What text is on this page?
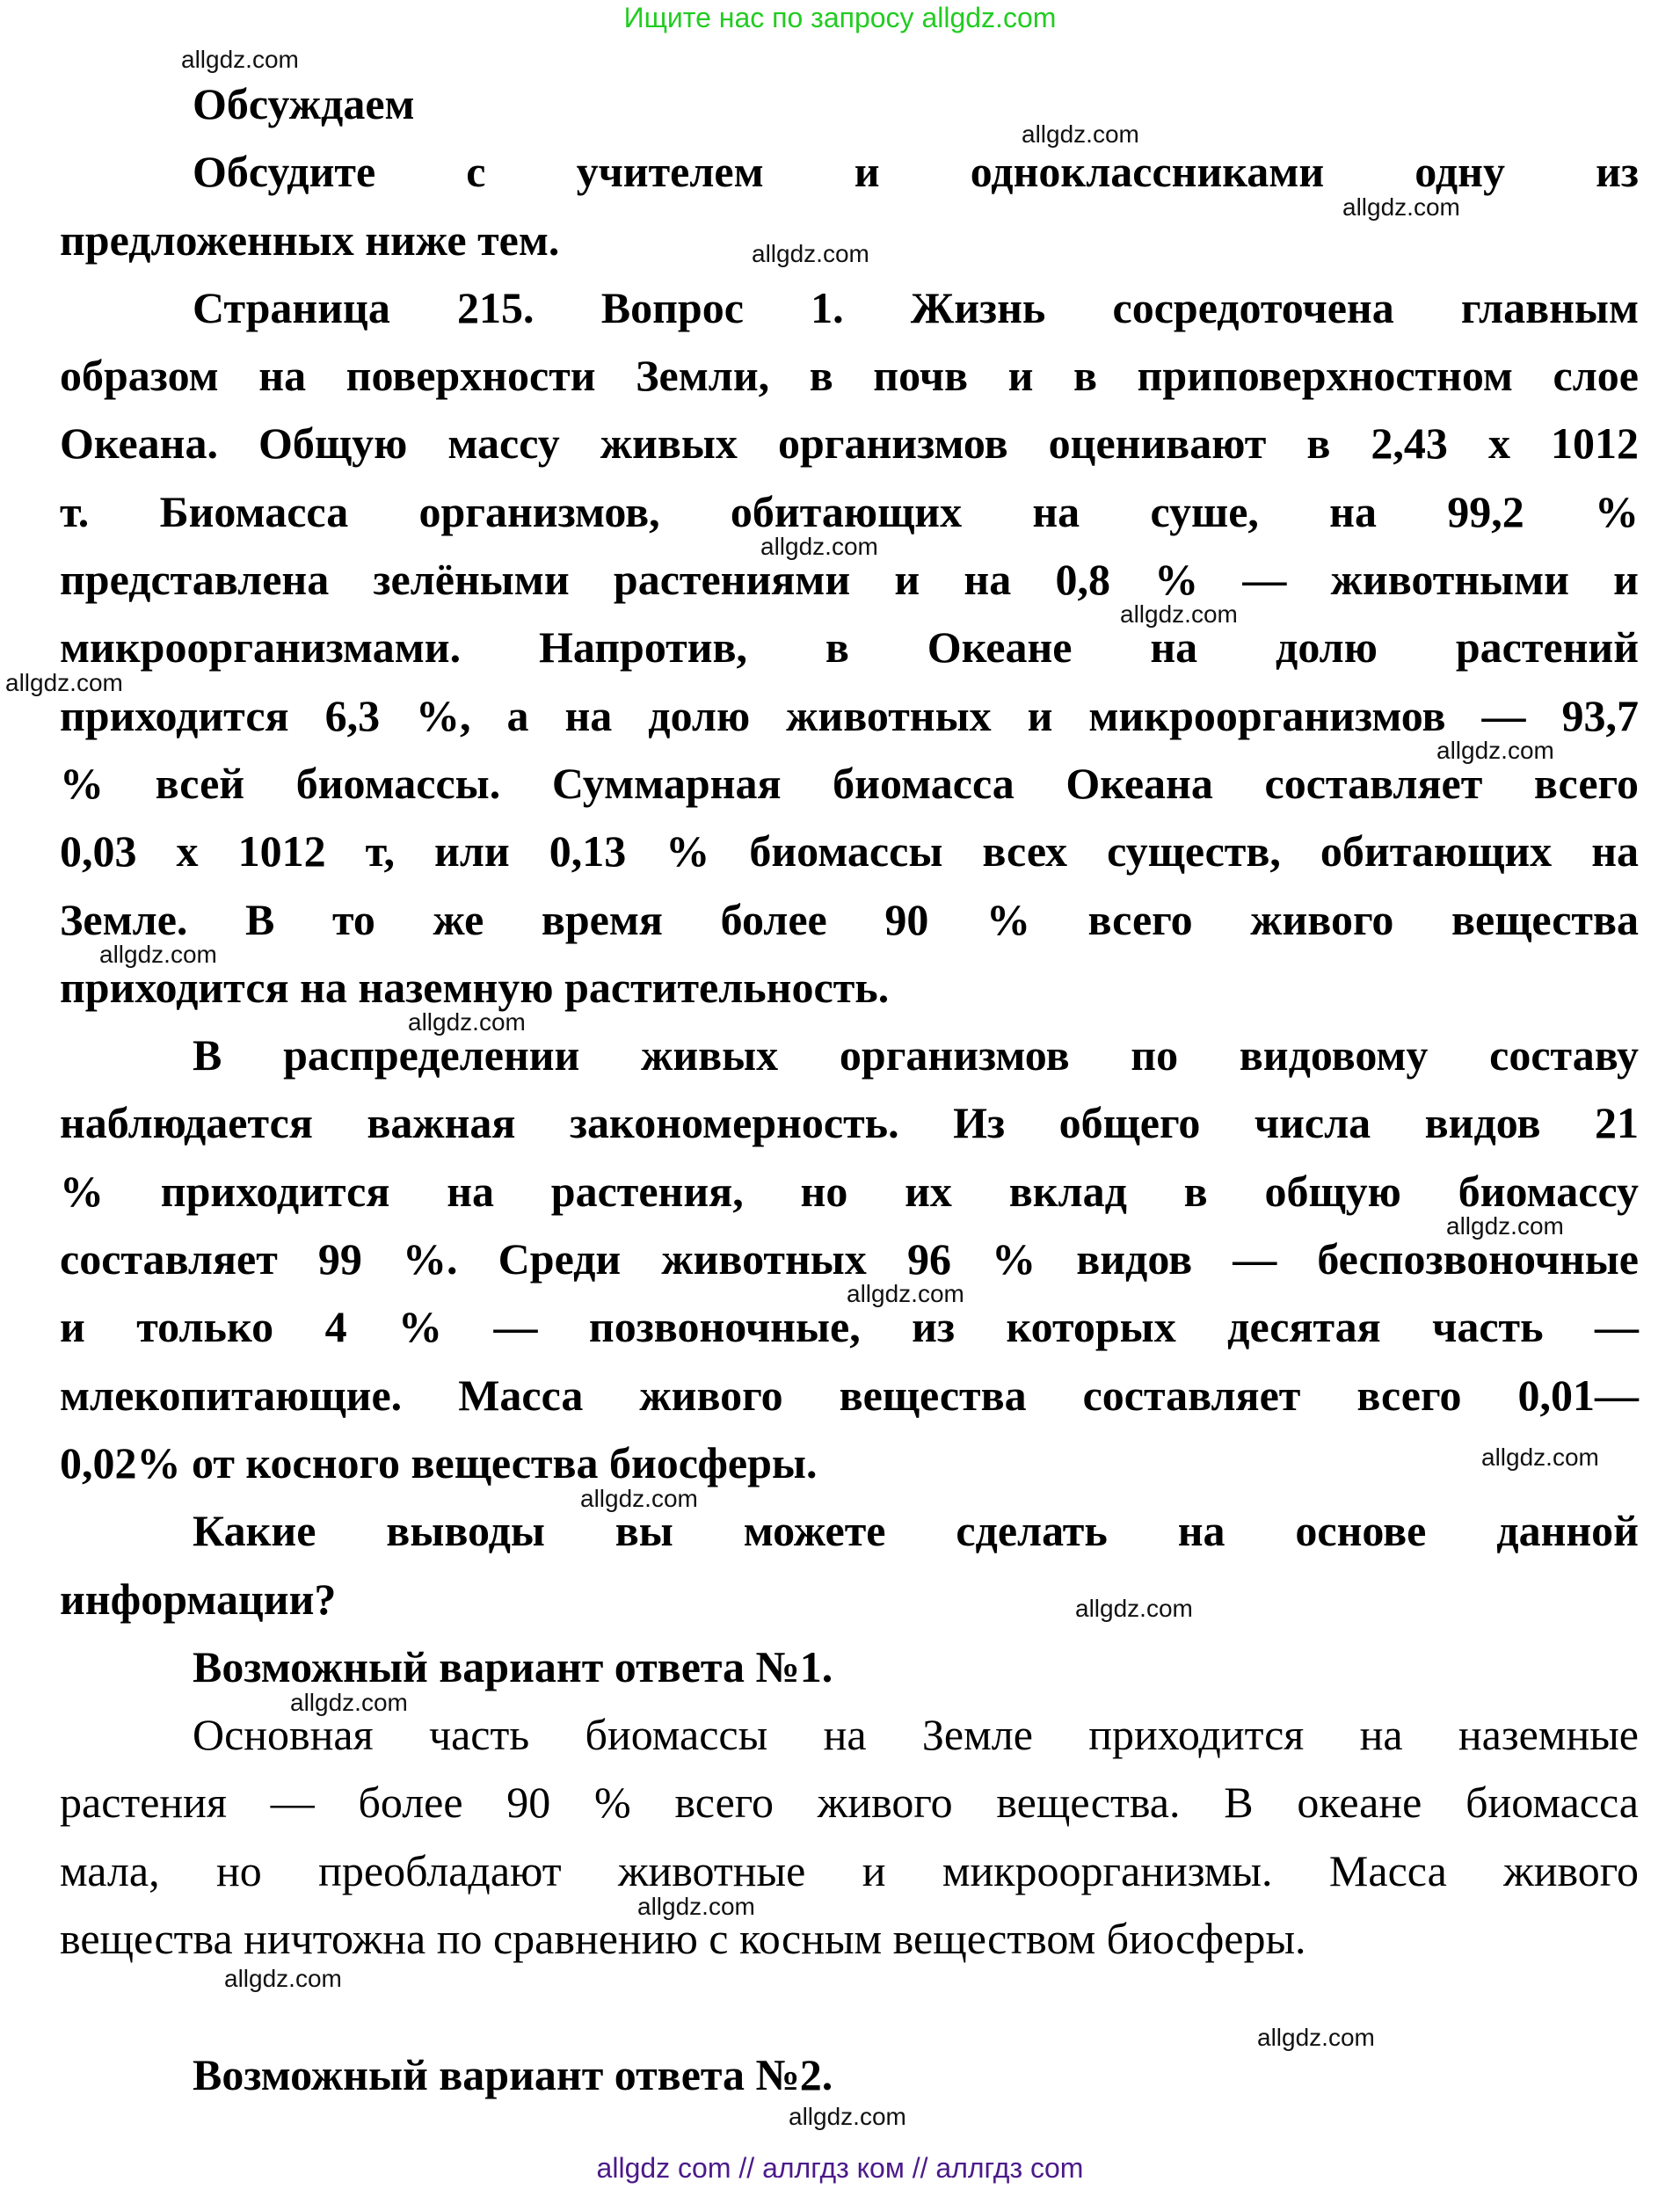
Ищите нас по запросу allgdz.com
Обсуждаем
Обсудите с учителем и одноклассниками одну из
предложенных ниже тем.
Страница 215. Вопрос 1. Жизнь сосредоточена главным
образом на поверхности Земли, в почв и в приповерхностном слое
Океана. Общую массу живых организмов оценивают в 2,43 х 1012
т. Биомасса организмов, обитающих на суше, на 99,2 %
представлена зелёными растениями и на 0,8 % — животными и
микроорганизмами. Напротив, в Океане на долю растений
приходится 6,3 %, а на долю животных и микроорганизмов — 93,7
% всей биомассы. Суммарная биомасса Океана составляет всего
0,03 х 1012 т, или 0,13 % биомассы всех существ, обитающих на
Земле. В то же время более 90 % всего живого вещества
приходится на наземную растительность.
В распределении живых организмов по видовому составу
наблюдается важная закономерность. Из общего числа видов 21
% приходится на растения, но их вклад в общую биомассу
составляет 99 %. Среди животных 96 % видов — беспозвоночные
и только 4 % — позвоночные, из которых десятая часть —
млекопитающие. Масса живого вещества составляет всего 0,01—
0,02% от косного вещества биосферы.
Какие выводы вы можете сделать на основе данной
информации?
Возможный вариант ответа №1.
Основная часть биомассы на Земле приходится на наземные
растения — более 90 % всего живого вещества. В океане биомасса
мала, но преобладают животные и микроорганизмы. Масса живого
вещества ничтожна по сравнению с косным веществом биосферы.
Возможный вариант ответа №2.
allgdz.com
allgdz.com
allgdz.com
allgdz.com
allgdz.com
allgdz.com
allgdz.com
allgdz.com
allgdz.com
allgdz.com
allgdz.com
allgdz.com
allgdz.com
allgdz.com
allgdz.com
allgdz.com
allgdz.com
allgdz.com
allgdz.com
allgdz.com
allgdz com // аллгдз ком // аллгдз com
